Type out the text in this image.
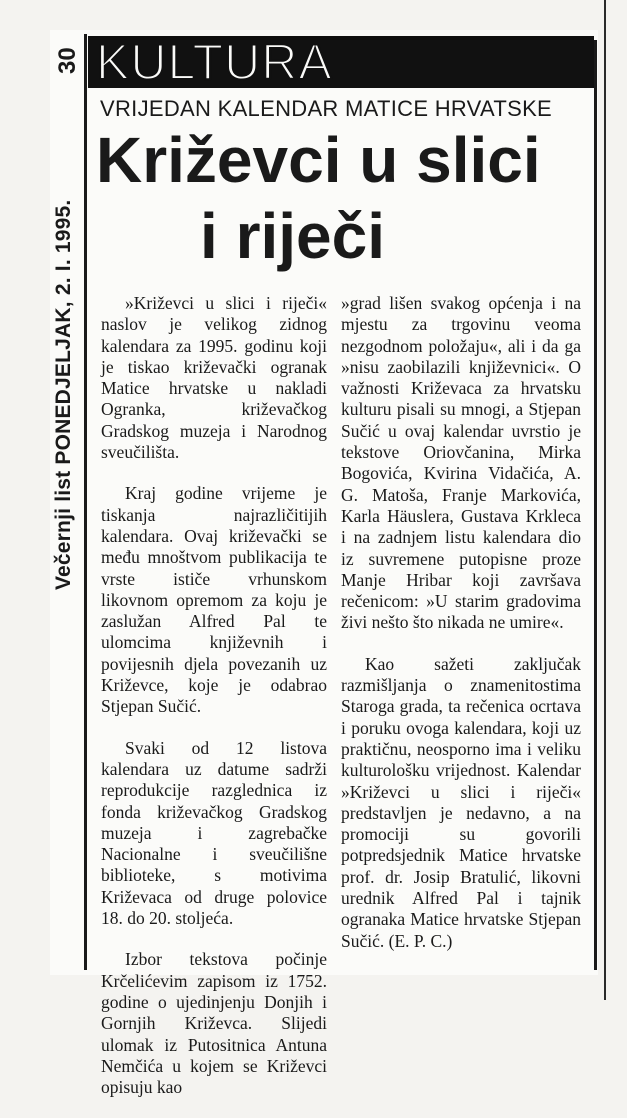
30
Večernji list PONEDJELJAK, 2. I. 1995.
KULTURA
VRIJEDAN KALENDAR MATICE HRVATSKE
Križevci u slici
i riječi

»Križevci u slici i riječi« naslov je velikog zidnog kalendara za 1995. godinu koji je tiskao križevački ogranak Matice hrvatske u nakladi Ogranka, križevačkog Gradskog muzeja i Narodnog sveučilišta.

Kraj godine vrijeme je tiskanja najrazličitijih kalendara. Ovaj križevački se među mnoštvom publikacija te vrste ističe vrhunskom likovnom opremom za koju je zaslužan Alfred Pal te ulomcima književnih i povijesnih djela povezanih uz Križevce, koje je odabrao Stjepan Sučić.

Svaki od 12 listova kalendara uz datume sadrži reprodukcije razglednica iz fonda križevačkog Gradskog muzeja i zagrebačke Nacionalne i sveučilišne biblioteke, s motivima Križevaca od druge polovice 18. do 20. stoljeća.

Izbor tekstova počinje Krčelićevim zapisom iz 1752. godine o ujedinjenju Donjih i Gornjih Križevca. Slijedi ulomak iz Putositnica Antuna Nemčića u kojem se Križevci opisuju kao

»grad lišen svakog općenja i na mjestu za trgovinu veoma nezgodnom položaju«, ali i da ga »nisu zaobilazili književnici«. O važnosti Križevaca za hrvatsku kulturu pisali su mnogi, a Stjepan Sučić u ovaj kalendar uvrstio je tekstove Oriovčanina, Mirka Bogovića, Kvirina Vidačića, A. G. Matoša, Franje Markovića, Karla Häuslera, Gustava Krkleca i na zadnjem listu kalendara dio iz suvremene putopisne proze Manje Hribar koji završava rečenicom: »U starim gradovima živi nešto što nikada ne umire«.

Kao sažeti zaključak razmišljanja o znamenitostima Staroga grada, ta rečenica ocrtava i poruku ovoga kalendara, koji uz praktičnu, neosporno ima i veliku kulturološku vrijednost. Kalendar »Križevci u slici i riječi« predstavljen je nedavno, a na promociji su govorili potpredsjednik Matice hrvatske prof. dr. Josip Bratulić, likovni urednik Alfred Pal i tajnik ogranaka Matice hrvatske Stjepan Sučić. (E. P. C.)
